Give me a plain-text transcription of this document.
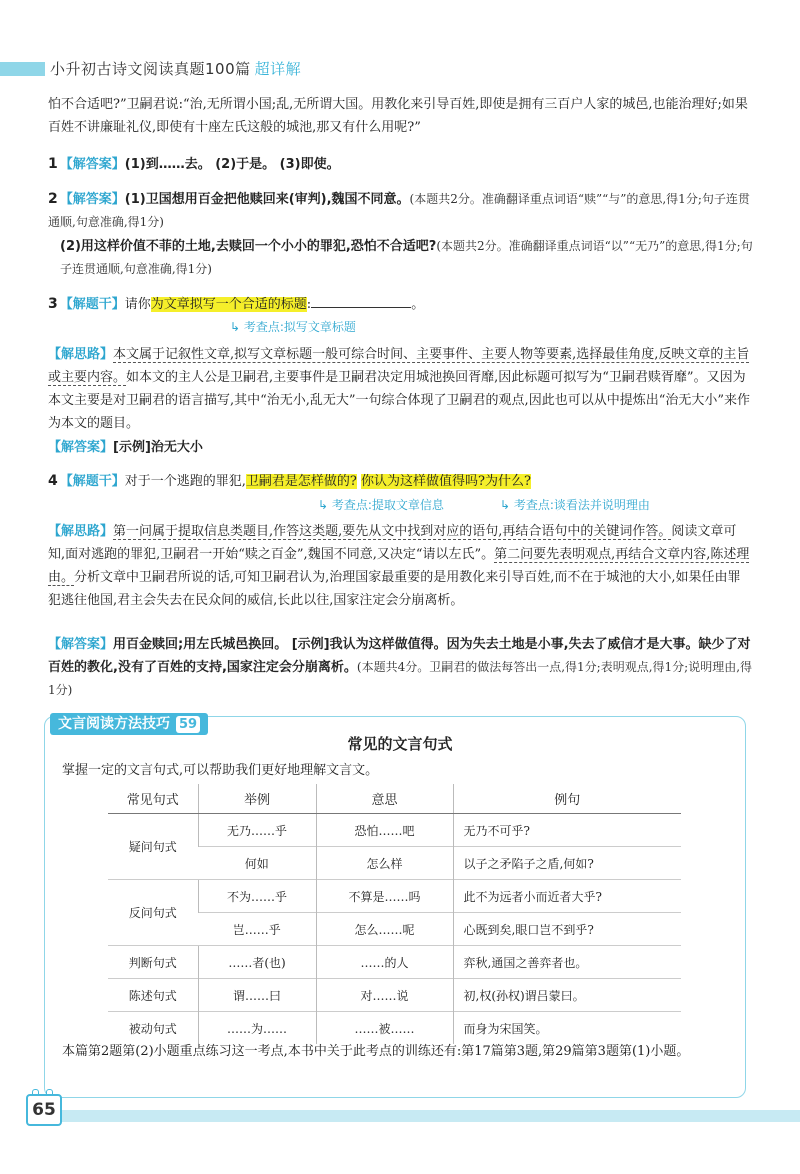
小升初古诗文阅读真题100篇 超详解
怕不合适吧?”卫嗣君说:“治,无所谓小国;乱,无所谓大国。用教化来引导百姓,即使是拥有三百户人家的城邑,也能治理好;如果百姓不讲廉耻礼仪,即使有十座左氏这般的城池,那又有什么用呢?”
1 【解答案】(1)到……去。 (2)于是。 (3)即使。
2 【解答案】(1)卫国想用百金把他赎回来(审判),魏国不同意。(本题共2分。准确翻译重点词语“赎”“与”的意思,得1分;句子连贯通顺,句意准确,得1分)
(2)用这样价值不菲的土地,去赎回一个小小的罪犯,恐怕不合适吧?(本题共2分。准确翻译重点词语“以”“无乃”的意思,得1分;句子连贯通顺,句意准确,得1分)
3 【解题干】请你为文章拟写一个合适的标题:	。
↳ 考查点:拟写文章标题
【解思路】本文属于记叙性文章,拟写文章标题一般可综合时间、主要事件、主要人物等要素,选择最佳角度,反映文章的主旨或主要内容。如本文的主人公是卫嗣君,主要事件是卫嗣君决定用城池换回胥靡,因此标题可拟写为“卫嗣君赎胥靡”。又因为本文主要是对卫嗣君的语言描写,其中“治无小,乱无大”一句综合体现了卫嗣君的观点,因此也可以从中提炼出“治无大小”来作为本文的题目。
【解答案】[示例]治无大小
4 【解题干】对于一个逃跑的罪犯,卫嗣君是怎样做的? 你认为这样做值得吗?为什么?
↳ 考查点:提取文章信息	↳ 考查点:谈看法并说明理由
【解思路】第一问属于提取信息类题目,作答这类题,要先从文中找到对应的语句,再结合语句中的关键词作答。阅读文章可知,面对逃跑的罪犯,卫嗣君一开始“赎之百金”,魏国不同意,又决定“请以左氏”。第二问要先表明观点,再结合文章内容,陈述理由。分析文章中卫嗣君所说的话,可知卫嗣君认为,治理国家最重要的是用教化来引导百姓,而不在于城池的大小,如果任由罪犯逃往他国,君主会失去在民众间的威信,长此以往,国家注定会分崩离析。
【解答案】用百金赎回;用左氏城邑换回。 [示例]我认为这样做值得。因为失去土地是小事,失去了威信才是大事。缺少了对百姓的教化,没有了百姓的支持,国家注定会分崩离析。(本题共4分。卫嗣君的做法每答出一点,得1分;表明观点,得1分;说明理由,得1分)
文言阅读方法技巧 59
常见的文言句式
掌握一定的文言句式,可以帮助我们更好地理解文言文。
常见句式	举例	意思	例句
疑问句式	无乃……乎	恐怕……吧	无乃不可乎?
	何如	怎么样	以子之矛陷子之盾,何如?
反问句式	不为……乎	不算是……吗	此不为远者小而近者大乎?
	岂……乎	怎么……呢	心既到矣,眼口岂不到乎?
判断句式	……者(也)	……的人	弈秋,通国之善弈者也。
陈述句式	谓……曰	对……说	初,权(孙权)谓吕蒙曰。
被动句式	……为……	……被……	而身为宋国笑。
本篇第2题第(2)小题重点练习这一考点,本书中关于此考点的训练还有:第17篇第3题,第29篇第3题第(1)小题。
65
